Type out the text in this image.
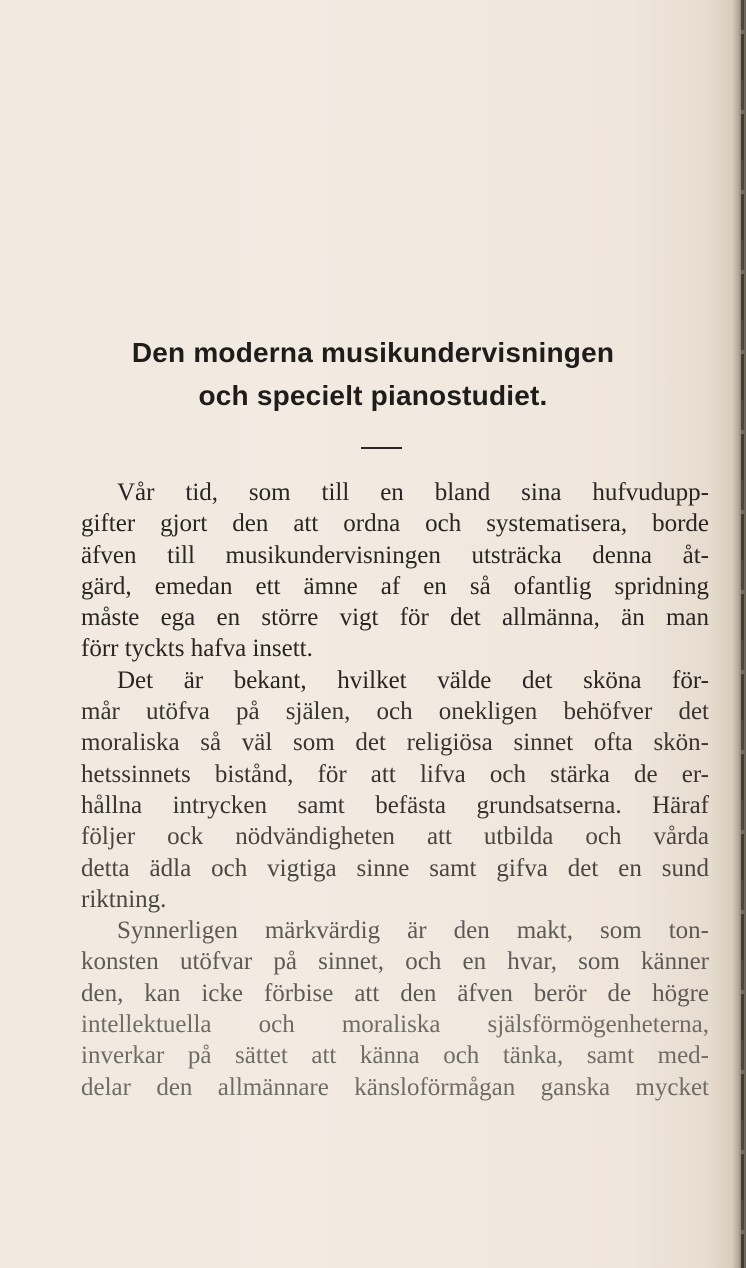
Den moderna musikundervisningen
och specielt pianostudiet.
Vår tid, som till en bland sina hufvudupp-
gifter gjort den att ordna och systematisera, borde
äfven till musikundervisningen utsträcka denna åt-
gärd, emedan ett ämne af en så ofantlig spridning
måste ega en större vigt för det allmänna, än man
förr tyckts hafva insett.
Det är bekant, hvilket välde det sköna för-
mår utöfva på själen, och onekligen behöfver det
moraliska så väl som det religiösa sinnet ofta skön-
hetssinnets bistånd, för att lifva och stärka de er-
hållna intrycken samt befästa grundsatserna. Häraf
följer ock nödvändigheten att utbilda och vårda
detta ädla och vigtiga sinne samt gifva det en sund
riktning.
Synnerligen märkvärdig är den makt, som ton-
konsten utöfvar på sinnet, och en hvar, som känner
den, kan icke förbise att den äfven berör de högre
intellektuella och moraliska själsförmögenheterna,
inverkar på sättet att känna och tänka, samt med-
delar den allmännare känsloförmågan ganska mycket
